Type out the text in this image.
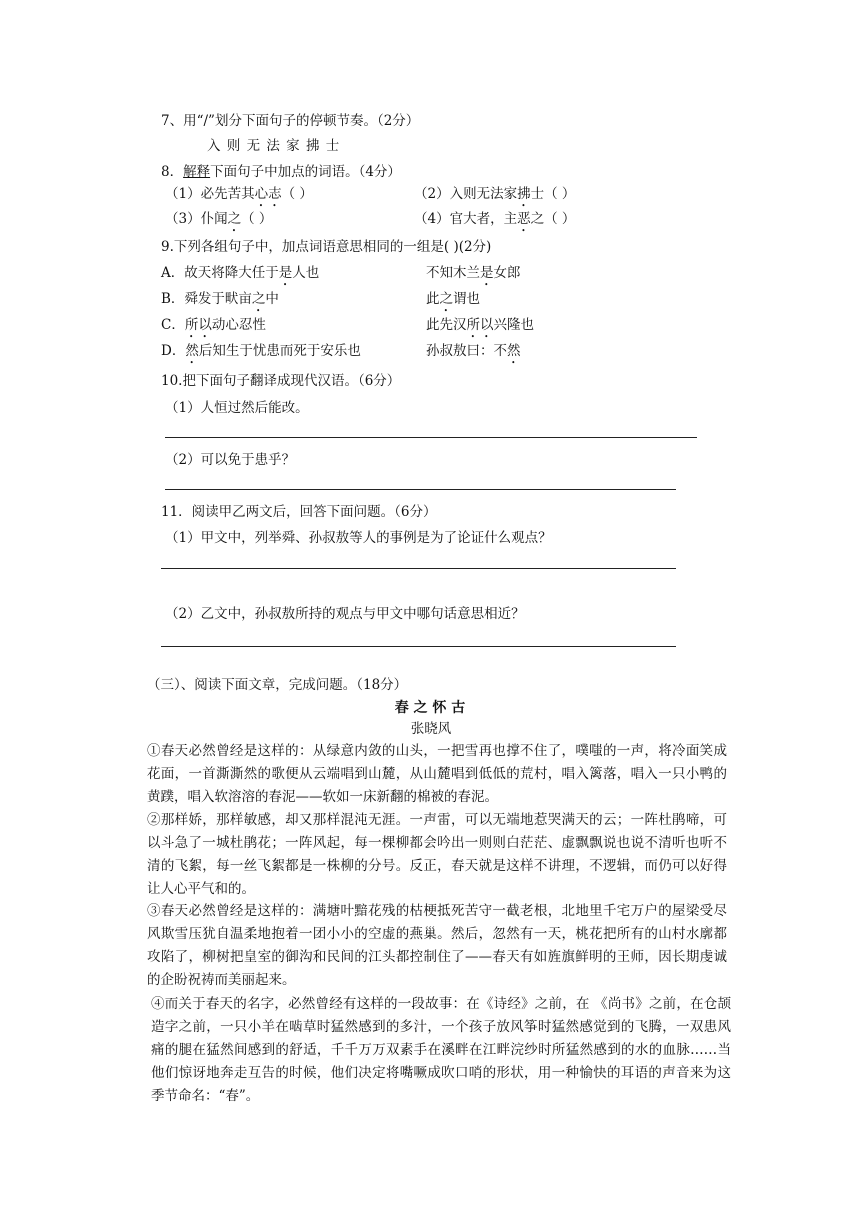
7、用“/”划分下面句子的停顿节奏。（2分）
入 则 无 法 家 拂 士
8．解释下面句子中加点的词语。（4分）
（1）必先苦其心志（ ）	（2）入则无法家拂士（ ）
（3）仆闻之（ ）	（4）官大者，主恶之（ ）
9.下列各组句子中，加点词语意思相同的一组是( )(2分)
A．故天将降大任于是人也	不知木兰是女郎
B．舜发于畎亩之中	此之谓也
C．所以动心忍性	此先汉所以兴隆也
D．然后知生于忧患而死于安乐也	孙叔敖曰：不然
10.把下面句子翻译成现代汉语。（6分）
（1）人恒过然后能改。
（2）可以免于患乎？
11．阅读甲乙两文后，回答下面问题。（6分）
（1）甲文中，列举舜、孙叔敖等人的事例是为了论证什么观点？
（2）乙文中，孙叔敖所持的观点与甲文中哪句话意思相近？
（三）、阅读下面文章，完成问题。（18分）
春 之 怀 古
张晓风
①春天必然曾经是这样的：从绿意内敛的山头，一把雪再也撑不住了，噗嗤的一声，将冷面笑成花面，一首澌澌然的歌便从云端唱到山麓，从山麓唱到低低的荒村，唱入篱落，唱入一只小鸭的黄蹼，唱入软溶溶的春泥——软如一床新翻的棉被的春泥。
②那样娇，那样敏感，却又那样混沌无涯。一声雷，可以无端地惹哭满天的云；一阵杜鹃啼，可以斗急了一城杜鹃花；一阵风起，每一棵柳都会吟出一则则白茫茫、虚飘飘说也说不清听也听不清的飞絮，每一丝飞絮都是一株柳的分号。反正，春天就是这样不讲理，不逻辑，而仍可以好得让人心平气和的。
③春天必然曾经是这样的：满塘叶黯花残的枯梗抵死苦守一截老根，北地里千宅万户的屋梁受尽风欺雪压犹自温柔地抱着一团小小的空虚的燕巢。然后，忽然有一天，桃花把所有的山村水廓都攻陷了，柳树把皇室的御沟和民间的江头都控制住了——春天有如旌旗鲜明的王师，因长期虔诚的企盼祝祷而美丽起来。
④而关于春天的名字，必然曾经有这样的一段故事：在《诗经》之前，在 《尚书》之前，在仓颉造字之前，一只小羊在啮草时猛然感到的多汁，一个孩子放风筝时猛然感觉到的飞腾，一双患风痛的腿在猛然间感到的舒适，千千万万双素手在溪畔在江畔浣纱时所猛然感到的水的血脉……当他们惊讶地奔走互告的时候，他们决定将嘴噘成吹口哨的形状，用一种愉快的耳语的声音来为这季节命名：“春”。
